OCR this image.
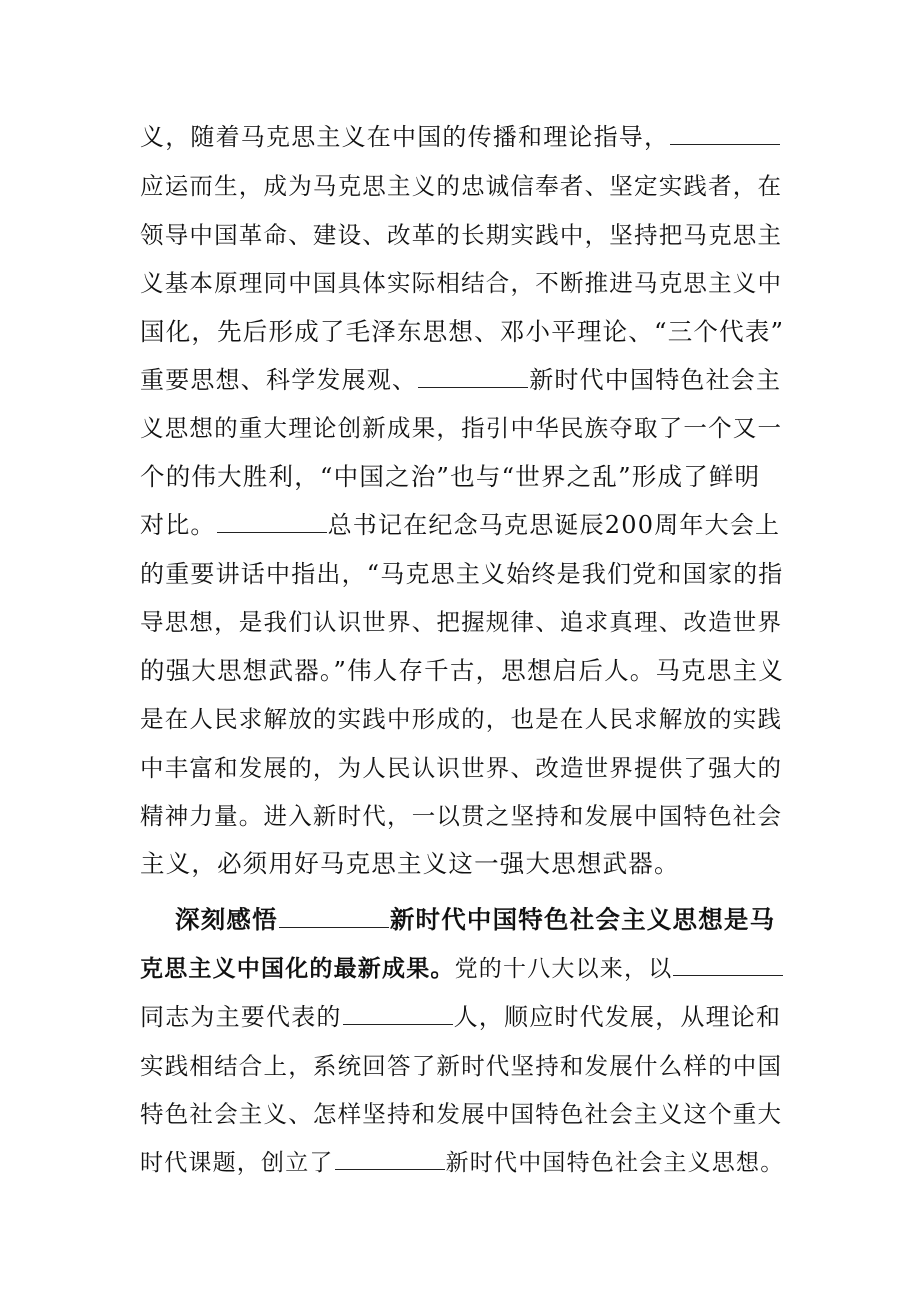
义，随着马克思主义在中国的传播和理论指导，
应运而生，成为马克思主义的忠诚信奉者、坚定实践者，在
领导中国革命、建设、改革的长期实践中，坚持把马克思主
义基本原理同中国具体实际相结合，不断推进马克思主义中
国化，先后形成了毛泽东思想、邓小平理论、“三个代表”
重要思想、科学发展观、	新时代中国特色社会主
义思想的重大理论创新成果，指引中华民族夺取了一个又一
个的伟大胜利，“中国之治”也与“世界之乱”形成了鲜明
对比。	总书记在纪念马克思诞辰200周年大会上
的重要讲话中指出，“马克思主义始终是我们党和国家的指
导思想，是我们认识世界、把握规律、追求真理、改造世界
的强大思想武器。”伟人存千古，思想启后人。马克思主义
是在人民求解放的实践中形成的，也是在人民求解放的实践
中丰富和发展的，为人民认识世界、改造世界提供了强大的
精神力量。进入新时代，一以贯之坚持和发展中国特色社会
主义，必须用好马克思主义这一强大思想武器。
深刻感悟	新时代中国特色社会主义思想是马
克思主义中国化的最新成果。党的十八大以来，以
同志为主要代表的	人，顺应时代发展，从理论和
实践相结合上，系统回答了新时代坚持和发展什么样的中国
特色社会主义、怎样坚持和发展中国特色社会主义这个重大
时代课题，创立了	新时代中国特色社会主义思想。
